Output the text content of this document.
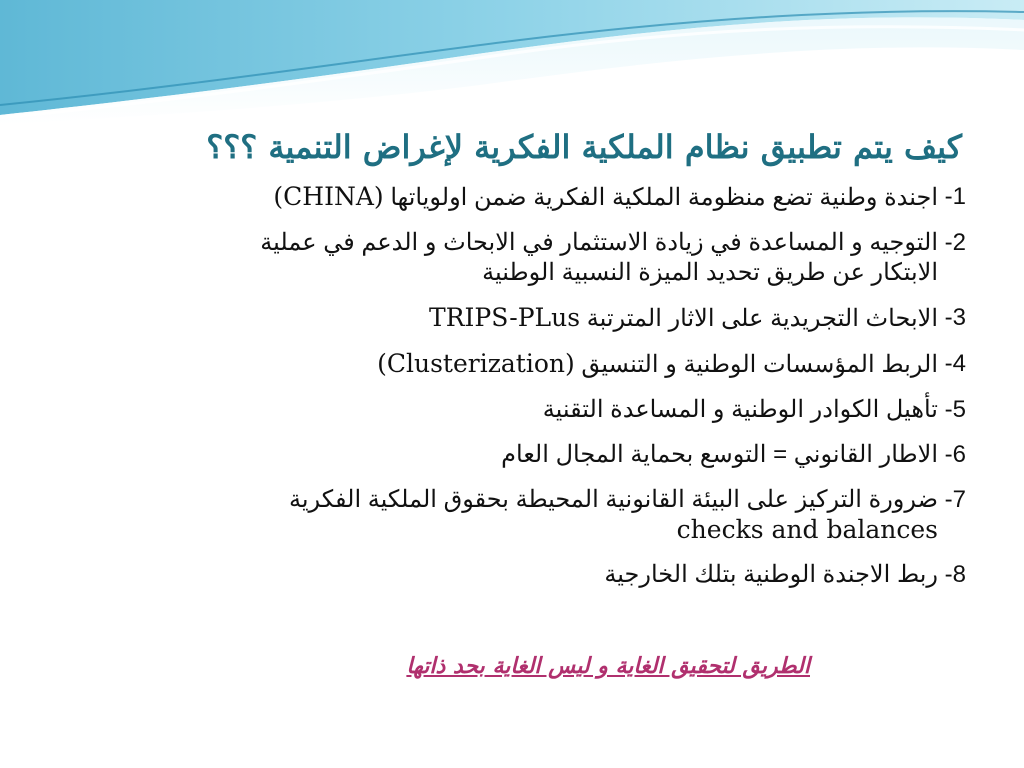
كيف يتم تطبيق نظام الملكية الفكرية لإغراض التنمية ؟؟؟
-1
اجندة وطنية تضع منظومة الملكية الفكرية ضمن اولوياتها (CHINA)
-2
التوجيه و المساعدة في زيادة الاستثمار في الابحاث و الدعم في عملية
الابتكار عن طريق تحديد الميزة النسبية الوطنية
-3
الابحاث التجريدية على الاثار المترتبة TRIPS-PLus
-4
الربط المؤسسات الوطنية و التنسيق (Clusterization)
-5
تأهيل الكوادر الوطنية و المساعدة التقنية
-6
الاطار القانوني = التوسع بحماية المجال العام
-7
ضرورة التركيز على البيئة القانونية المحيطة بحقوق الملكية الفكرية
checks and balances
-8
ربط الاجندة الوطنية بتلك الخارجية
الطريق لتحقيق الغاية و ليس الغاية بحد ذاتها
